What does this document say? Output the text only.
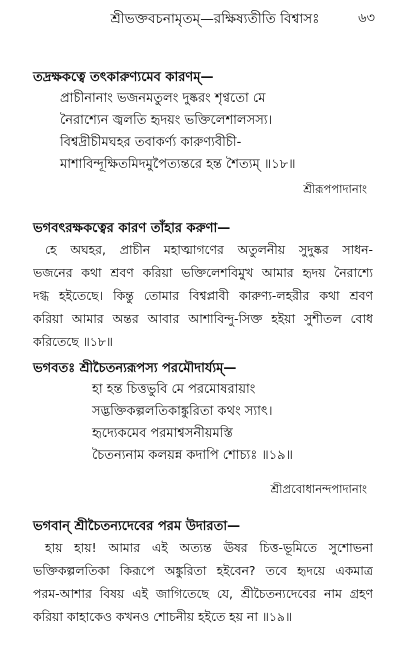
শ্রীভক্তবচনামৃতম্‌—রক্ষিষ্যতীতি বিশ্বাসঃ	৬৩
তদ্রক্ষকত্বে তৎকারুণ্যমেব কারণম্‌—
প্রাচীনানাং ভজনমতুলং দুষ্করং শৃণ্বতো মে
নৈরাশ্যেন জ্বলতি হৃদয়ং ভক্তিলেশালসস্য।
বিশ্বদ্রীচীমঘহর তবাকর্ণ্য কারুণ্যবীচী-
মাশাবিন্দূক্ষিতমিদমুপৈত্যন্তরে হন্ত শৈত্যম্‌ ॥১৮॥
শ্রীরূপপাদানাং
ভগবৎরক্ষকত্বের কারণ তাঁহার করুণা—
হে অঘহর, প্রাচীন মহাত্মাগণের অতুলনীয় সুদুষ্কর সাধন-
ভজনের কথা শ্রবণ করিয়া ভক্তিলেশবিমুখ আমার হৃদয় নৈরাশ্যে
দগ্ধ হইতেছে। কিন্তু তোমার বিশ্বপ্লাবী কারুণ্য-লহরীর কথা শ্রবণ
করিয়া আমার অন্তর আবার আশাবিন্দু-সিক্ত হইয়া সুশীতল বোধ
করিতেছে ॥১৮॥
ভগবতঃ শ্রীচৈতন্যরূপস্য পরমৌদার্য্যম্‌—
হা হন্ত চিত্তভুবি মে পরমোষরায়াং
সদ্ভক্তিকল্পলতিকাঙ্কুরিতা কথং স্যাৎ।
হৃদ্যেকমেব পরমাশ্বসনীয়মস্তি
চৈতন্যনাম কলয়ন্ন কদাপি শোচ্যঃ ॥১৯॥
শ্রীপ্রবোধানন্দপাদানাং
ভগবান্‌ শ্রীচৈতন্যদেবের পরম উদারতা—
হায় হায়! আমার এই অত্যন্ত ঊষর চিত্ত-ভূমিতে সুশোভনা
ভক্তিকল্পলতিকা কিরূপে অঙ্কুরিতা হইবেন? তবে হৃদয়ে একমাত্র
পরম-আশার বিষয় এই জাগিতেছে যে, শ্রীচৈতন্যদেবের নাম গ্রহণ
করিয়া কাহাকেও কখনও শোচনীয় হইতে হয় না ॥১৯॥
